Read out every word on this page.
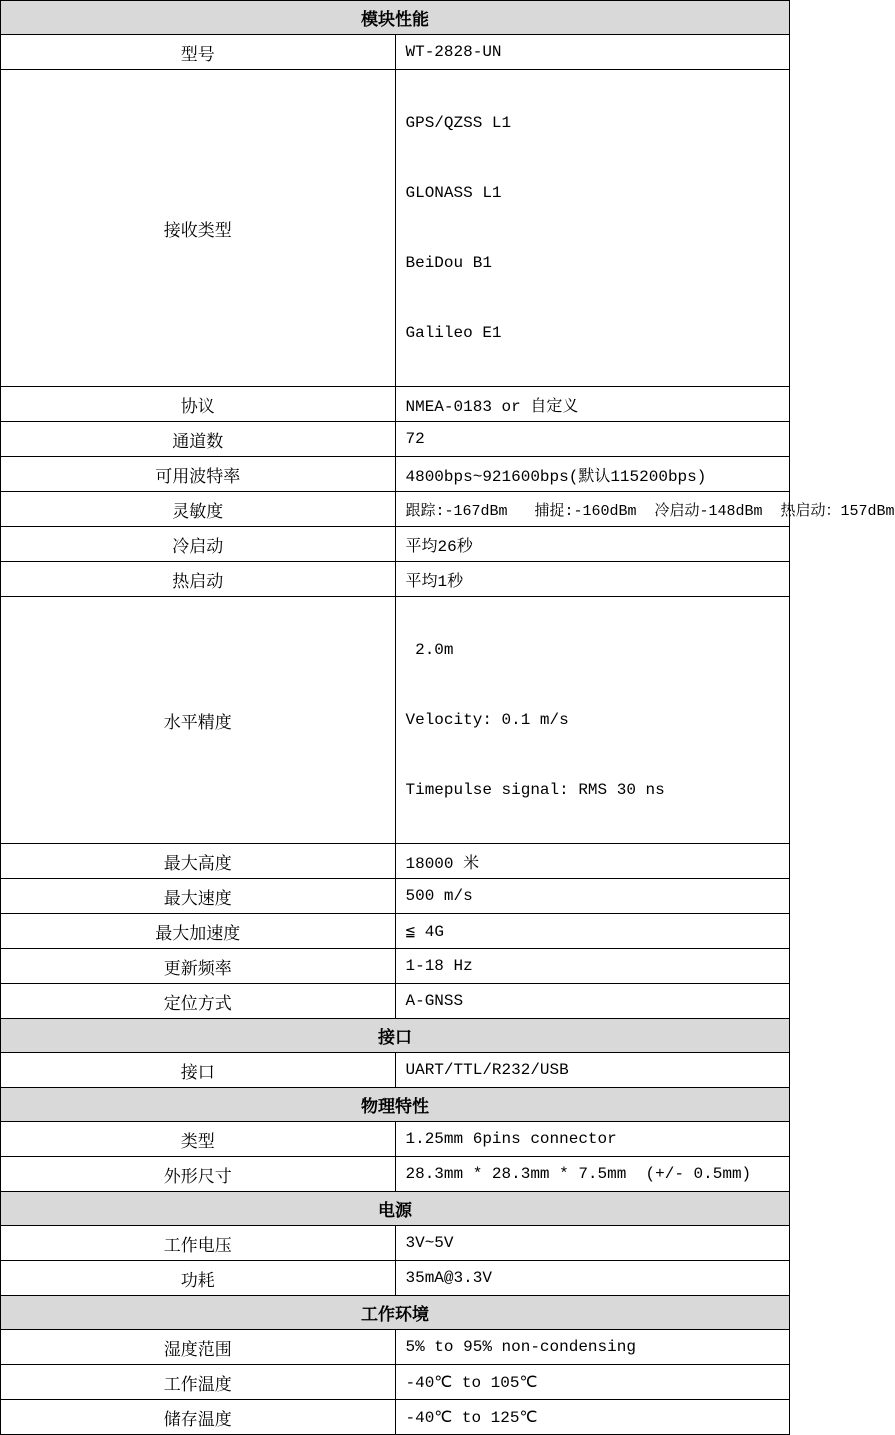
模块性能	
型号	WT-2828-UN
接收类型	GPS/QZSS L1

GLONASS L1

BeiDou B1

Galileo E1

协议	NMEA-0183 or 自定义
通道数	72
可用波特率	4800bps~921600bps(默认115200bps)
灵敏度	跟踪:-167dBm   捕捉:-160dBm  冷启动-148dBm  热启动：157dBm
冷启动	平均26秒
热启动	平均1秒
水平精度	2.0m

Velocity: 0.1 m/s

Timepulse signal: RMS 30 ns

最大高度	18000 米
最大速度	500 m/s
最大加速度	≦ 4G
更新频率	1-18 Hz
定位方式	A-GNSS
接口	
接口	UART/TTL/R232/USB
物理特性	
类型	1.25mm 6pins connector
外形尺寸	28.3mm * 28.3mm * 7.5mm  (+/- 0.5mm)
电源	
工作电压	3V~5V
功耗	35mA@3.3V
工作环境	
湿度范围	5% to 95% non-condensing
工作温度	-40℃ to 105℃
储存温度	-40℃ to 125℃
